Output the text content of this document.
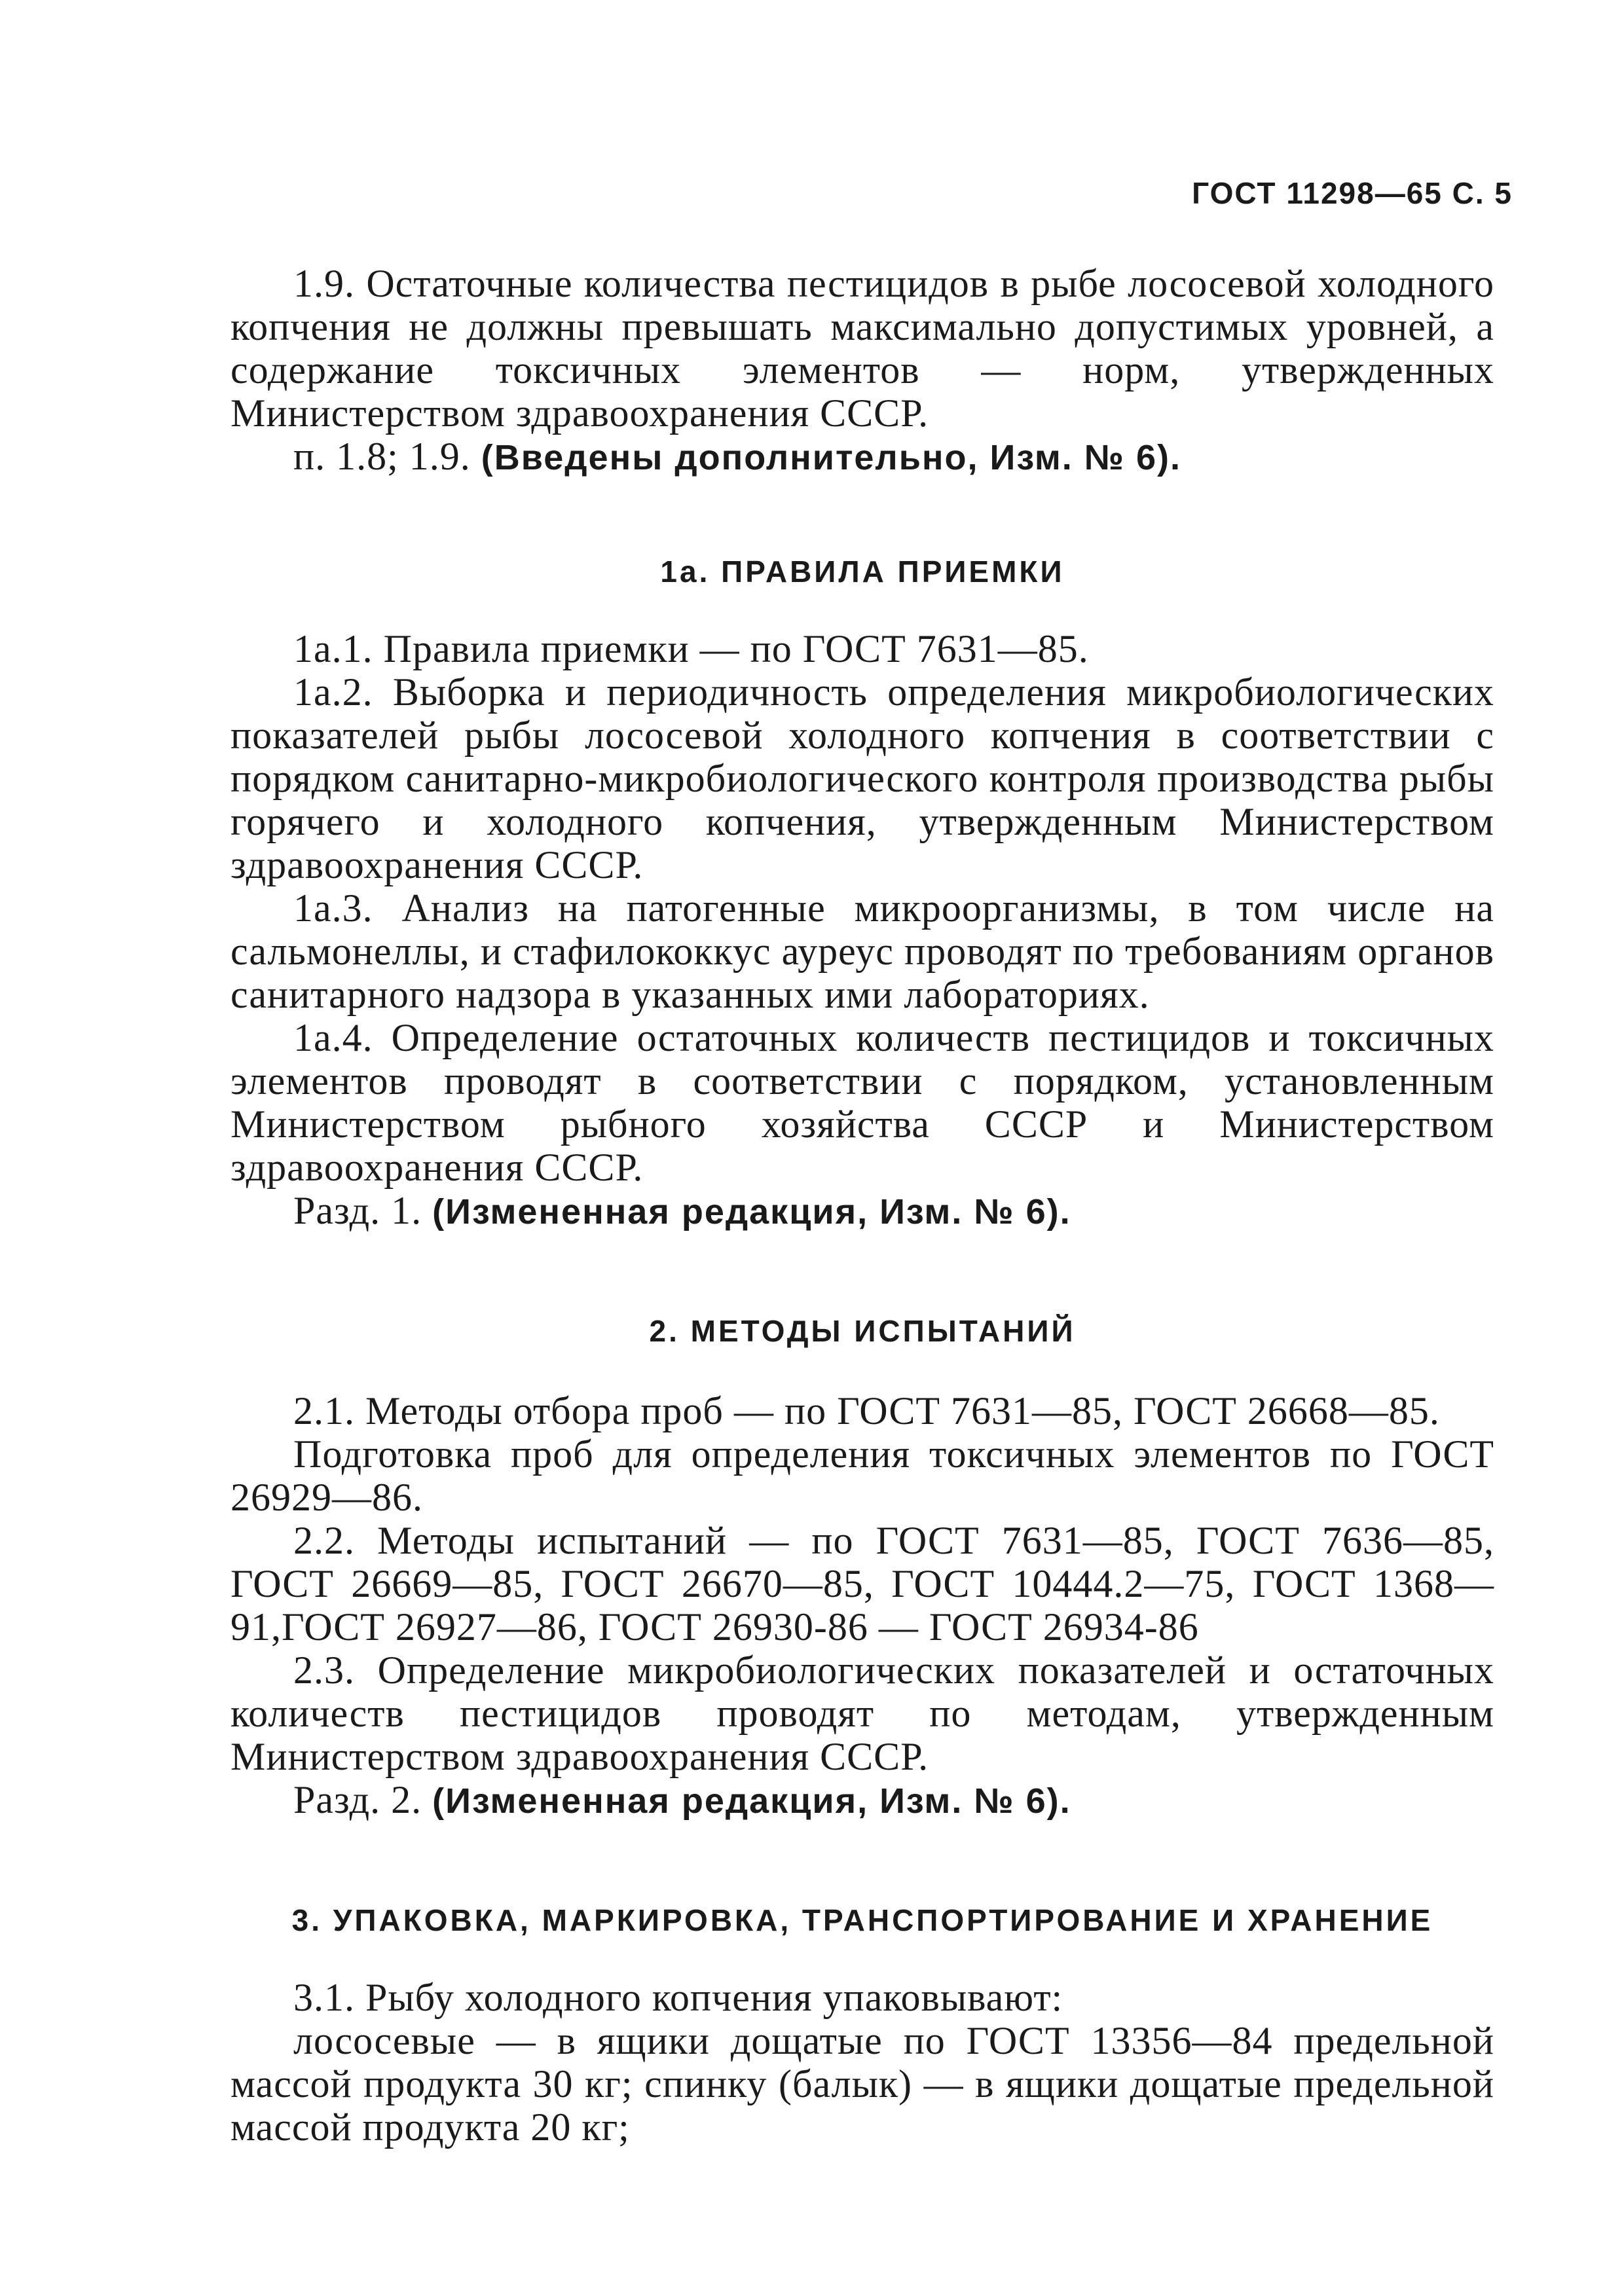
ГОСТ 11298—65 С. 5

1.9. Остаточные количества пестицидов в рыбе лососевой холодного копчения не должны превышать максимально допустимых уровней, а содержание токсичных элементов — норм, утвержденных Министерством здравоохранения СССР.

п. 1.8; 1.9. (Введены дополнительно, Изм. № 6).

1а. ПРАВИЛА ПРИЕМКИ

1а.1. Правила приемки — по ГОСТ 7631—85.

1а.2. Выборка и периодичность определения микробиологических показателей рыбы лососевой холодного копчения в соответствии с порядком санитарно-микробиологического контроля производства рыбы горячего и холодного копчения, утвержденным Министерством здравоохранения СССР.

1а.3. Анализ на патогенные микроорганизмы, в том числе на сальмонеллы, и стафилококкус ауреус проводят по требованиям органов санитарного надзора в указанных ими лабораториях.

1а.4. Определение остаточных количеств пестицидов и токсичных элементов проводят в соответствии с порядком, установленным Министерством рыбного хозяйства СССР и Министерством здравоохранения СССР.

Разд. 1. (Измененная редакция, Изм. № 6).

2. МЕТОДЫ ИСПЫТАНИЙ

2.1. Методы отбора проб — по ГОСТ 7631—85, ГОСТ 26668—85.

Подготовка проб для определения токсичных элементов по ГОСТ 26929—86.

2.2. Методы испытаний — по ГОСТ 7631—85, ГОСТ 7636—85, ГОСТ 26669—85, ГОСТ 26670—85, ГОСТ 10444.2—75, ГОСТ 1368—91,ГОСТ 26927—86, ГОСТ 26930-86 — ГОСТ 26934-86

2.3. Определение микробиологических показателей и остаточных количеств пестицидов проводят по методам, утвержденным Министерством здравоохранения СССР.

Разд. 2. (Измененная редакция, Изм. № 6).

3. УПАКОВКА, МАРКИРОВКА, ТРАНСПОРТИРОВАНИЕ И ХРАНЕНИЕ

3.1. Рыбу холодного копчения упаковывают:

лососевые — в ящики дощатые по ГОСТ 13356—84 предельной массой продукта 30 кг; спинку (балык) — в ящики дощатые предельной массой продукта 20 кг;
